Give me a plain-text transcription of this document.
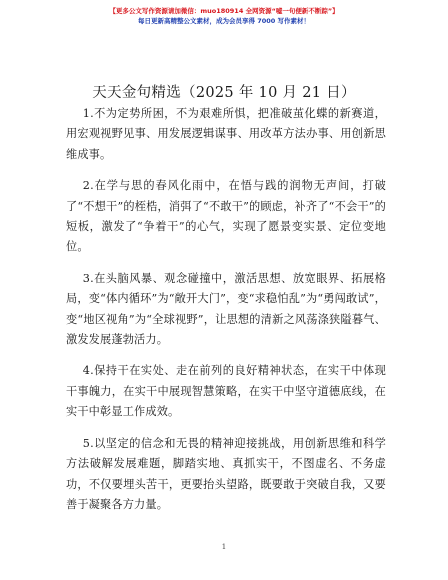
【更多公文写作资源请加微信：muo180914 全网资源“嘘一句便新不断踪”】
每日更新高精整公文素材，成为会员享得 7000 写作素材！
天天金句精选（2025 年 10 月 21 日）

1.不为定势所困，不为艰难所惧，把准破茧化蝶的新赛道，用宏观视野见事、用发展逻辑谋事、用改革方法办事、用创新思维成事。

2.在学与思的春风化雨中，在悟与践的润物无声间，打破了“不想干”的桎梏，消弭了“不敢干”的顾虑，补齐了“不会干”的短板，激发了“争着干”的心气，实现了愿景变实景、定位变地位。

3.在头脑风暴、观念碰撞中，激活思想、放宽眼界、拓展格局，变“体内循环”为“敞开大门”，变“求稳怕乱”为“勇闯敢试”，变“地区视角”为“全球视野”，让思想的清新之风荡涤狭隘暮气、激发发展蓬勃活力。

4.保持干在实处、走在前列的良好精神状态，在实干中体现干事魄力，在实干中展现智慧策略，在实干中坚守道德底线，在实干中彰显工作成效。

5.以坚定的信念和无畏的精神迎接挑战，用创新思维和科学方法破解发展难题，脚踏实地、真抓实干，不图虚名、不务虚功，不仅要埋头苦干，更要抬头望路，既要敢于突破自我，又要善于凝聚各方力量。

1
